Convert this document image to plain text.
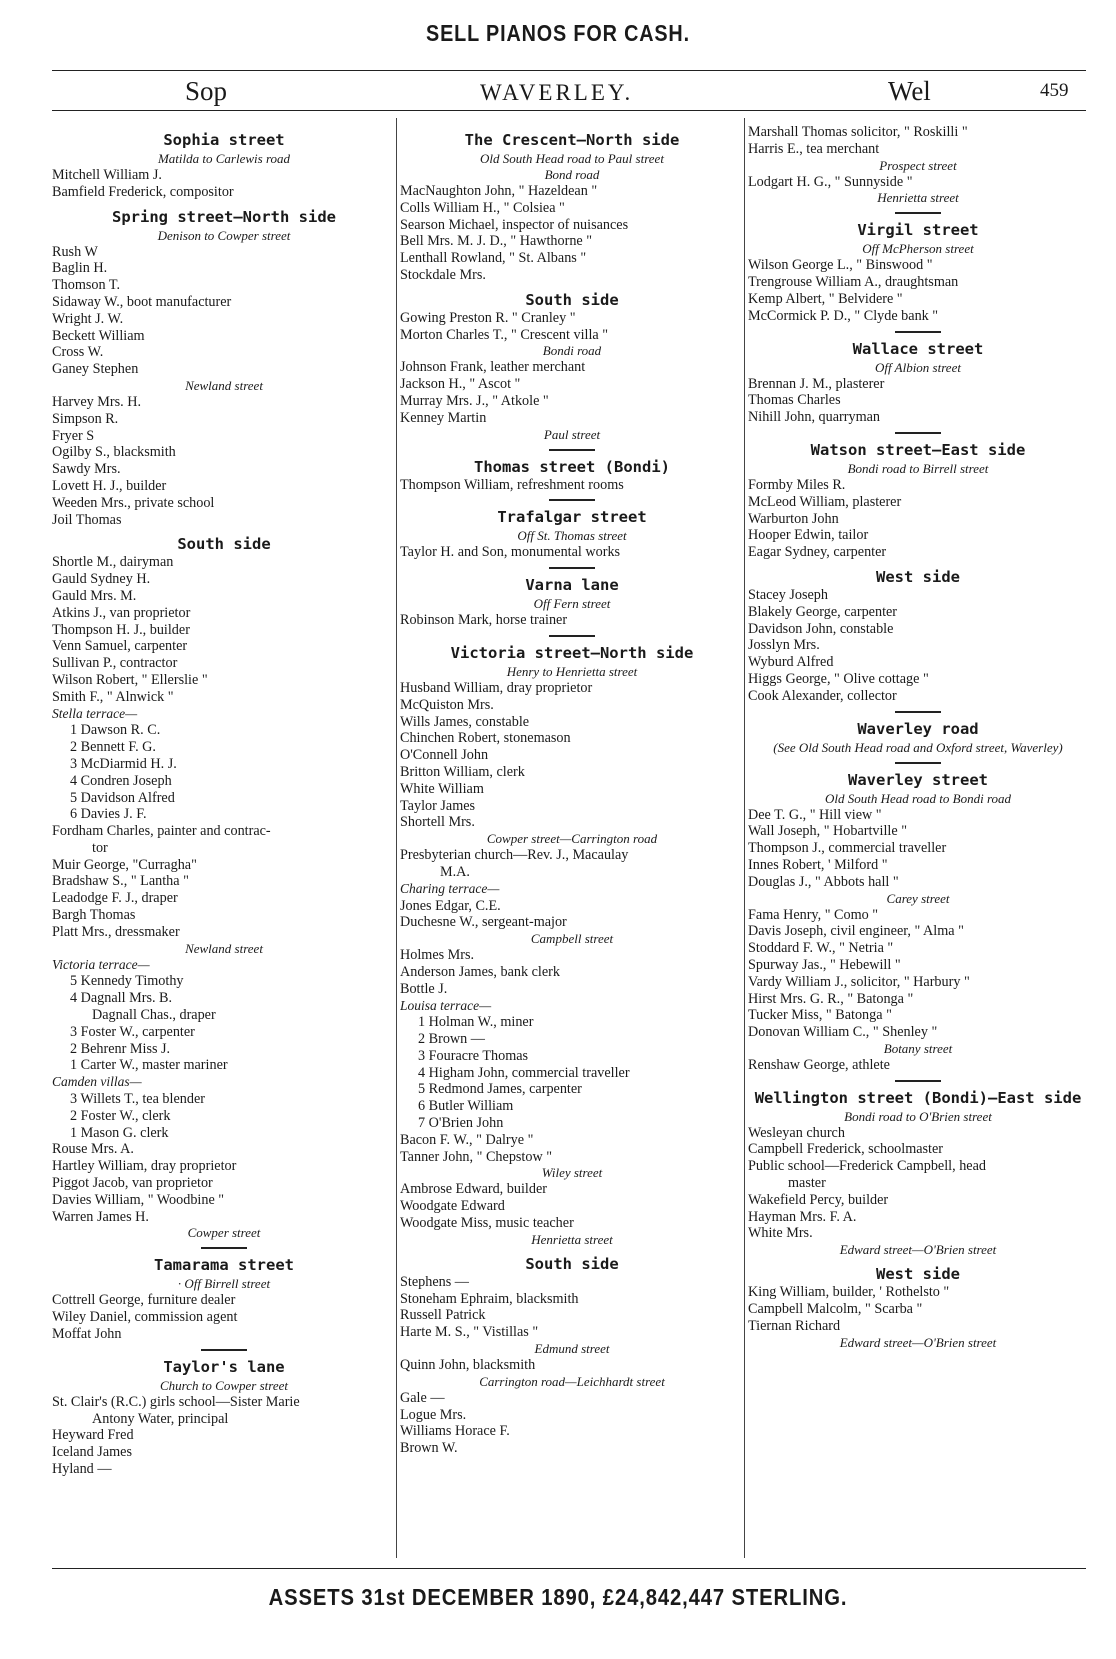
SELL PIANOS FOR CASH.
Sop	WAVERLEY.	Wel	459
Sophia street
Matilda to Carlewis road
Mitchell William J.
Bamfield Frederick, compositor
Spring street—North side
Denison to Cowper street
Rush W
Baglin H.
Thomson T.
Sidaway W., boot manufacturer
Wright J. W.
Beckett William
Cross W.
Ganey Stephen
Newland street
Harvey Mrs. H.
Simpson R.
Fryer S
Ogilby S., blacksmith
Sawdy Mrs.
Lovett H. J., builder
Weeden Mrs., private school
Joil Thomas
South side
Shortle M., dairyman
Gauld Sydney H.
Gauld Mrs. M.
Atkins J., van proprietor
Thompson H. J., builder
Venn Samuel, carpenter
Sullivan P., contractor
Wilson Robert, " Ellerslie "
Smith F., " Alnwick "
Stella terrace—
1 Dawson R. C.
2 Bennett F. G.
3 McDiarmid H. J.
4 Condren Joseph
5 Davidson Alfred
6 Davies J. F.
Fordham Charles, painter and contrac-
tor
Muir George, "Curragha"
Bradshaw S., " Lantha "
Leadodge F. J., draper
Bargh Thomas
Platt Mrs., dressmaker
Newland street
Victoria terrace—
5 Kennedy Timothy
4 Dagnall Mrs. B.
Dagnall Chas., draper
3 Foster W., carpenter
2 Behrenr Miss J.
1 Carter W., master mariner
Camden villas—
3 Willets T., tea blender
2 Foster W., clerk
1 Mason G. clerk
Rouse Mrs. A.
Hartley William, dray proprietor
Piggot Jacob, van proprietor
Davies William, " Woodbine "
Warren James H.
Cowper street
Tamarama street
· Off Birrell street
Cottrell George, furniture dealer
Wiley Daniel, commission agent
Moffat John
Taylor's lane
Church to Cowper street
St. Clair's (R.C.) girls school—Sister Marie
Antony Water, principal
Heyward Fred
Iceland James
Hyland —
The Crescent—North side
Old South Head road to Paul street
Bond road
MacNaughton John, " Hazeldean "
Colls William H., " Colsiea "
Searson Michael, inspector of nuisances
Bell Mrs. M. J. D., " Hawthorne "
Lenthall Rowland, " St. Albans "
Stockdale Mrs.
South side
Gowing Preston R. " Cranley "
Morton Charles T., " Crescent villa "
Bondi road
Johnson Frank, leather merchant
Jackson H., " Ascot "
Murray Mrs. J., " Atkole "
Kenney Martin
Paul street
Thomas street (Bondi)
Thompson William, refreshment rooms
Trafalgar street
Off St. Thomas street
Taylor H. and Son, monumental works
Varna lane
Off Fern street
Robinson Mark, horse trainer
Victoria street—North side
Henry to Henrietta street
Husband William, dray proprietor
McQuiston Mrs.
Wills James, constable
Chinchen Robert, stonemason
O'Connell John
Britton William, clerk
White William
Taylor James
Shortell Mrs.
Cowper street—Carrington road
Presbyterian church—Rev. J., Macaulay
M.A.
Charing terrace—
Jones Edgar, C.E.
Duchesne W., sergeant-major
Campbell street
Holmes Mrs.
Anderson James, bank clerk
Bottle J.
Louisa terrace—
1 Holman W., miner
2 Brown —
3 Fouracre Thomas
4 Higham John, commercial traveller
5 Redmond James, carpenter
6 Butler William
7 O'Brien John
Bacon F. W., " Dalrye "
Tanner John, " Chepstow "
Wiley street
Ambrose Edward, builder
Woodgate Edward
Woodgate Miss, music teacher
Henrietta street
South side
Stephens —
Stoneham Ephraim, blacksmith
Russell Patrick
Harte M. S., " Vistillas "
Edmund street
Quinn John, blacksmith
Carrington road—Leichhardt street
Gale —
Logue Mrs.
Williams Horace F.
Brown W.
Marshall Thomas solicitor, " Roskilli "
Harris E., tea merchant
Prospect street
Lodgart H. G., " Sunnyside "
Henrietta street
Virgil street
Off McPherson street
Wilson George L., " Binswood "
Trengrouse William A., draughtsman
Kemp Albert, " Belvidere "
McCormick P. D., " Clyde bank "
Wallace street
Off Albion street
Brennan J. M., plasterer
Thomas Charles
Nihill John, quarryman
Watson street—East side
Bondi road to Birrell street
Formby Miles R.
McLeod William, plasterer
Warburton John
Hooper Edwin, tailor
Eagar Sydney, carpenter
West side
Stacey Joseph
Blakely George, carpenter
Davidson John, constable
Josslyn Mrs.
Wyburd Alfred
Higgs George, " Olive cottage "
Cook Alexander, collector
Waverley road
(See Old South Head road and Oxford street, Waverley)
Waverley street
Old South Head road to Bondi road
Dee T. G., " Hill view "
Wall Joseph, " Hobartville "
Thompson J., commercial traveller
Innes Robert, ' Milford "
Douglas J., " Abbots hall "
Carey street
Fama Henry, " Como "
Davis Joseph, civil engineer, " Alma "
Stoddard F. W., " Netria "
Spurway Jas., " Hebewill "
Vardy William J., solicitor, " Harbury "
Hirst Mrs. G. R., " Batonga "
Tucker Miss, " Batonga "
Donovan William C., " Shenley "
Botany street
Renshaw George, athlete
Wellington street (Bondi)—East side
Bondi road to O'Brien street
Wesleyan church
Campbell Frederick, schoolmaster
Public school—Frederick Campbell, head
master
Wakefield Percy, builder
Hayman Mrs. F. A.
White Mrs.
Edward street—O'Brien street
West side
King William, builder, ' Rothelsto "
Campbell Malcolm, " Scarba "
Tiernan Richard
Edward street—O'Brien street
ASSETS 31st DECEMBER 1890, £24,842,447 STERLING.
